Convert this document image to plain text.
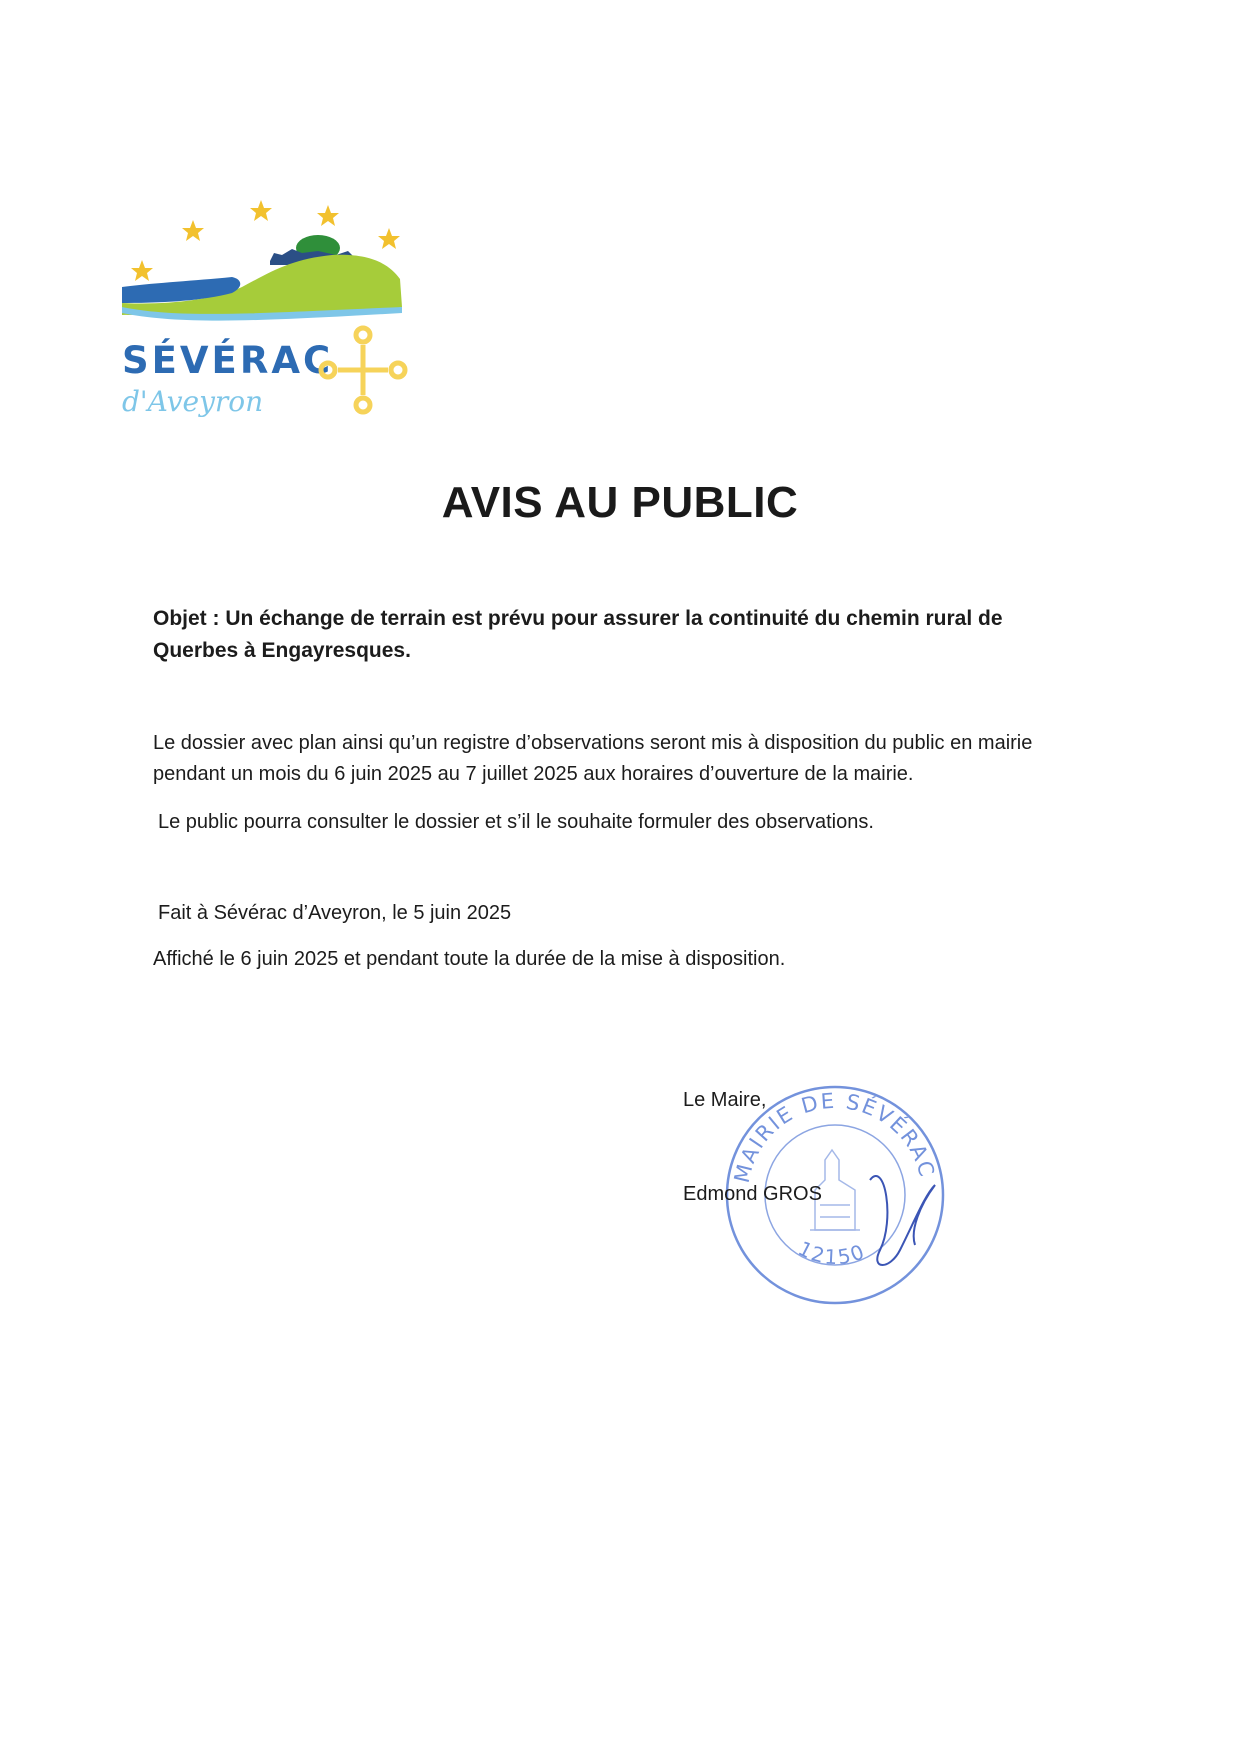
SÉVÉRAC
d'Aveyron
AVIS AU PUBLIC

Objet : Un échange de terrain est prévu pour assurer la continuité du chemin rural de Querbes à Engayresques.

Le dossier avec plan ainsi qu’un registre d’observations seront mis à disposition du public en mairie pendant un mois du 6 juin 2025 au 7 juillet 2025 aux horaires d’ouverture de la mairie.

Le public pourra consulter le dossier et s’il le souhaite formuler des observations.

Fait à Sévérac d’Aveyron, le 5 juin 2025

Affiché le 6 juin 2025 et pendant toute la durée de la mise à disposition.

MAIRIE DE SÉVÉRAC
12150

Le Maire,

Edmond GROS
